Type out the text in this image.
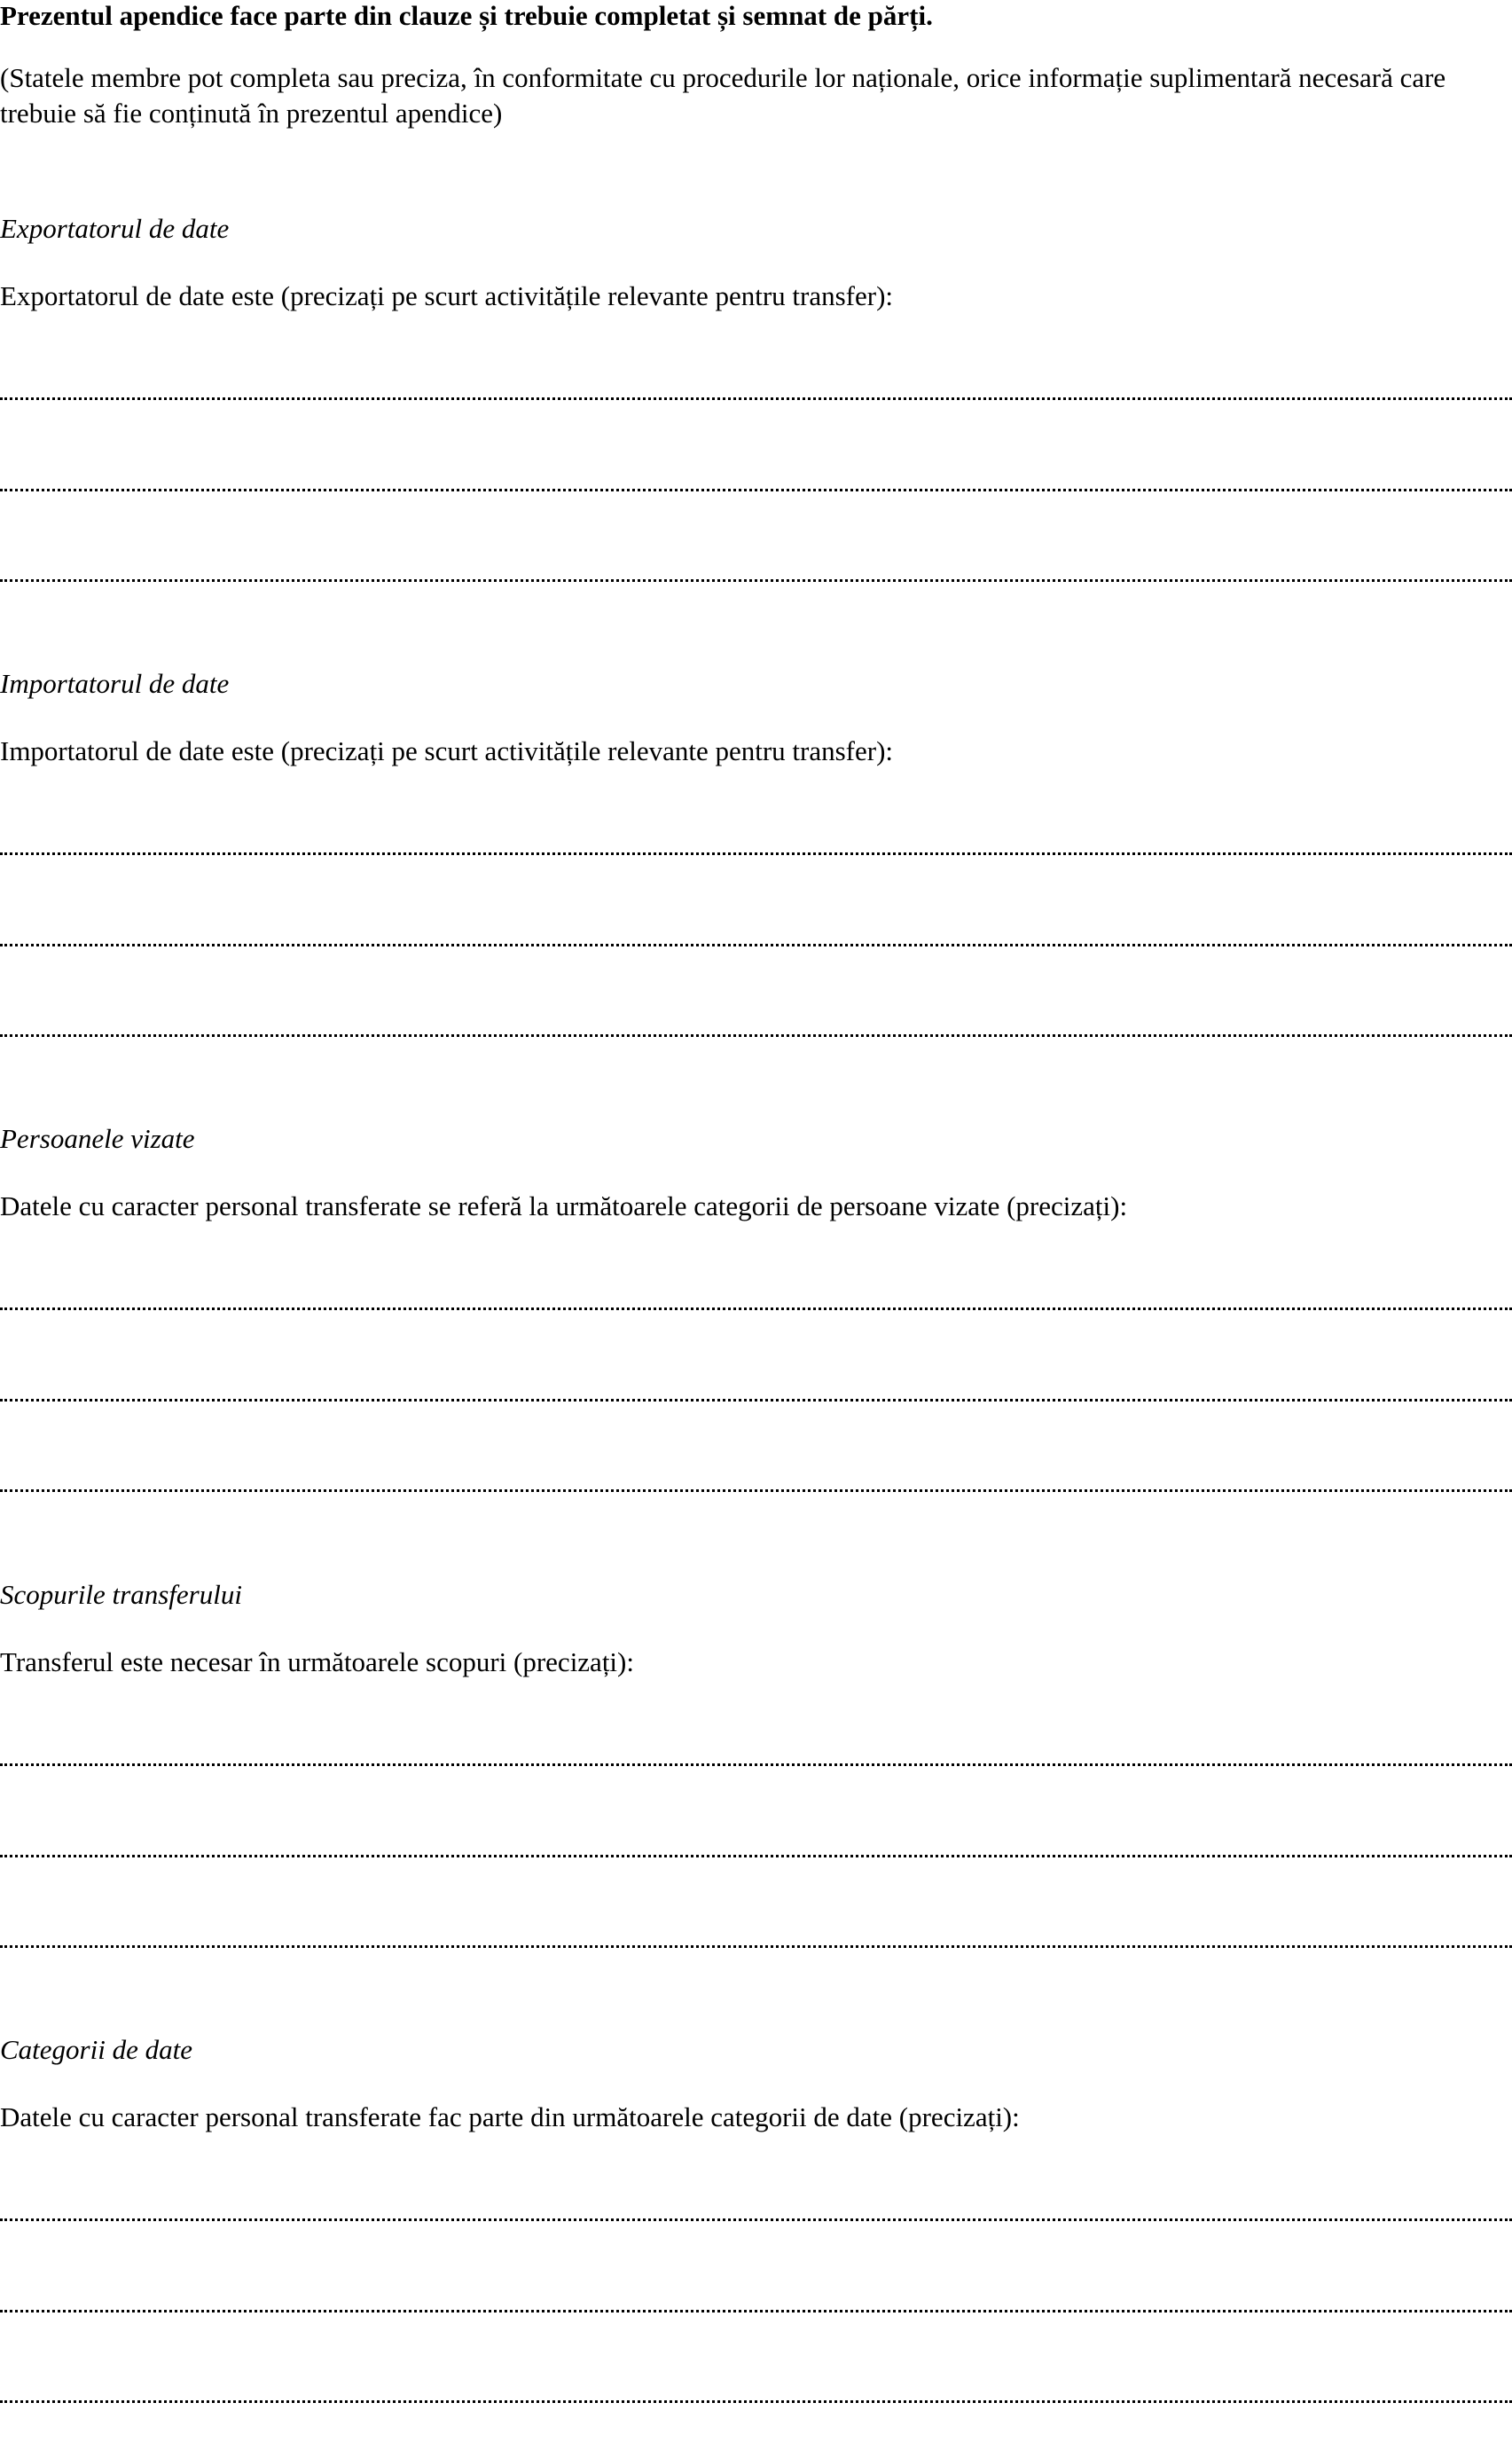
Prezentul apendice face parte din clauze și trebuie completat și semnat de părți.
(Statele membre pot completa sau preciza, în conformitate cu procedurile lor naționale, orice informație suplimentară necesară care trebuie să fie conținută în prezentul apendice)
Exportatorul de date
Exportatorul de date este (precizați pe scurt activitățile relevante pentru transfer):
Importatorul de date
Importatorul de date este (precizați pe scurt activitățile relevante pentru transfer):
Persoanele vizate
Datele cu caracter personal transferate se referă la următoarele categorii de persoane vizate (precizați):
Scopurile transferului
Transferul este necesar în următoarele scopuri (precizați):
Categorii de date
Datele cu caracter personal transferate fac parte din următoarele categorii de date (precizați):
